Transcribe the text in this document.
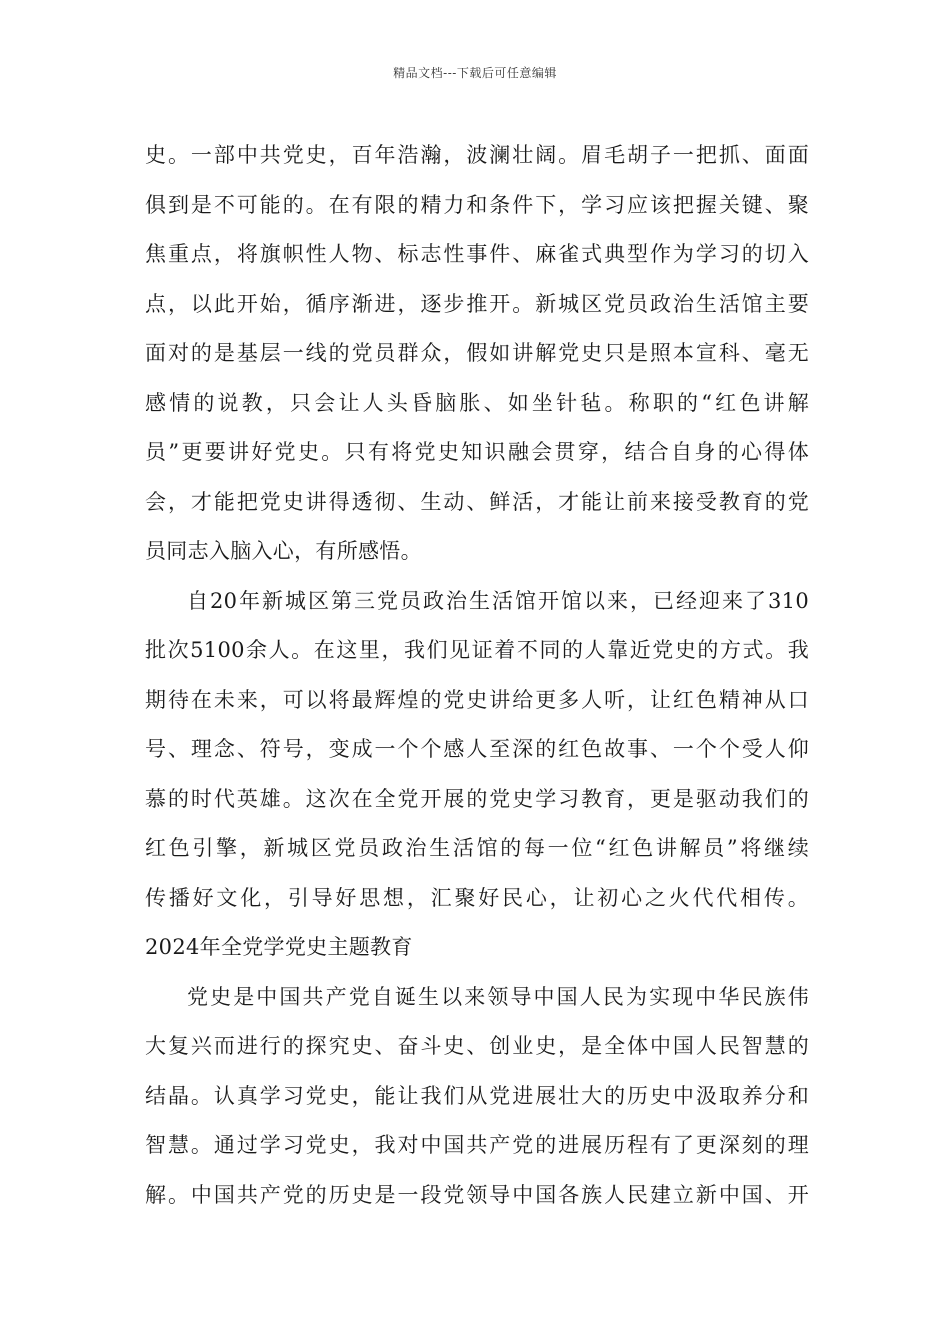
精品文档---下载后可任意编辑
史。一部中共党史，百年浩瀚，波澜壮阔。眉毛胡子一把抓、面面
俱到是不可能的。在有限的精力和条件下，学习应该把握关键、聚
焦重点，将旗帜性人物、标志性事件、麻雀式典型作为学习的切入
点，以此开始，循序渐进，逐步推开。新城区党员政治生活馆主要
面对的是基层一线的党员群众，假如讲解党史只是照本宣科、毫无
感情的说教，只会让人头昏脑胀、如坐针毡。称职的“红色讲解
员”更要讲好党史。只有将党史知识融会贯穿，结合自身的心得体
会，才能把党史讲得透彻、生动、鲜活，才能让前来接受教育的党
员同志入脑入心，有所感悟。
自20年新城区第三党员政治生活馆开馆以来，已经迎来了310
批次5100余人。在这里，我们见证着不同的人靠近党史的方式。我
期待在未来，可以将最辉煌的党史讲给更多人听，让红色精神从口
号、理念、符号，变成一个个感人至深的红色故事、一个个受人仰
慕的时代英雄。这次在全党开展的党史学习教育，更是驱动我们的
红色引擎，新城区党员政治生活馆的每一位“红色讲解员”将继续
传播好文化，引导好思想，汇聚好民心，让初心之火代代相传。
2024年全党学党史主题教育
党史是中国共产党自诞生以来领导中国人民为实现中华民族伟
大复兴而进行的探究史、奋斗史、创业史，是全体中国人民智慧的
结晶。认真学习党史，能让我们从党进展壮大的历史中汲取养分和
智慧。通过学习党史，我对中国共产党的进展历程有了更深刻的理
解。中国共产党的历史是一段党领导中国各族人民建立新中国、开
